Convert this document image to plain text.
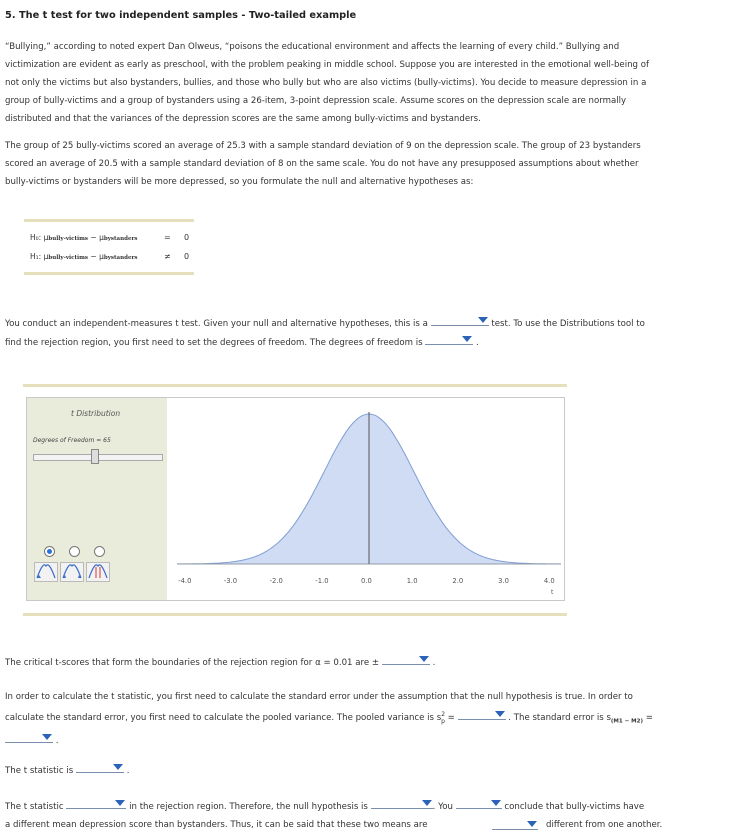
5. The t test for two independent samples - Two-tailed example
“Bullying,” according to noted expert Dan Olweus, “poisons the educational environment and affects the learning of every child.” Bullying and
victimization are evident as early as preschool, with the problem peaking in middle school. Suppose you are interested in the emotional well-being of
not only the victims but also bystanders, bullies, and those who bully but who are also victims (bully-victims). You decide to measure depression in a
group of bully-victims and a group of bystanders using a 26-item, 3-point depression scale. Assume scores on the depression scale are normally
distributed and that the variances of the depression scores are the same among bully-victims and bystanders.
The group of 25 bully-victims scored an average of 25.3 with a sample standard deviation of 9 on the depression scale. The group of 23 bystanders
scored an average of 20.5 with a sample standard deviation of 8 on the same scale. You do not have any presupposed assumptions about whether
bully-victims or bystanders will be more depressed, so you formulate the null and alternative hypotheses as:
H₀: μbully-victims − μbystanders	= 0
H₁: μbully-victims − μbystanders	≠ 0
You conduct an independent-measures t test. Given your null and alternative hypotheses, this is a	test. To use the Distributions tool to
find the rejection region, you first need to set the degrees of freedom. The degrees of freedom is	.
t Distribution
Degrees of Freedom = 65
-4.0	-3.0	-2.0	-1.0	0.0	1.0	2.0	3.0	4.0
t
The critical t-scores that form the boundaries of the rejection region for α = 0.01 are ±	.
In order to calculate the t statistic, you first need to calculate the standard error under the assumption that the null hypothesis is true. In order to
calculate the standard error, you first need to calculate the pooled variance. The pooled variance is $s^2_p$ =	. The standard error is $s_{(M1 - M2)}$ =
.
The t statistic is	.
The t statistic	in the rejection region. Therefore, the null hypothesis is	. You	conclude that bully-victims have
a different mean depression score than bystanders. Thus, it can be said that these two means are	different from one another.
